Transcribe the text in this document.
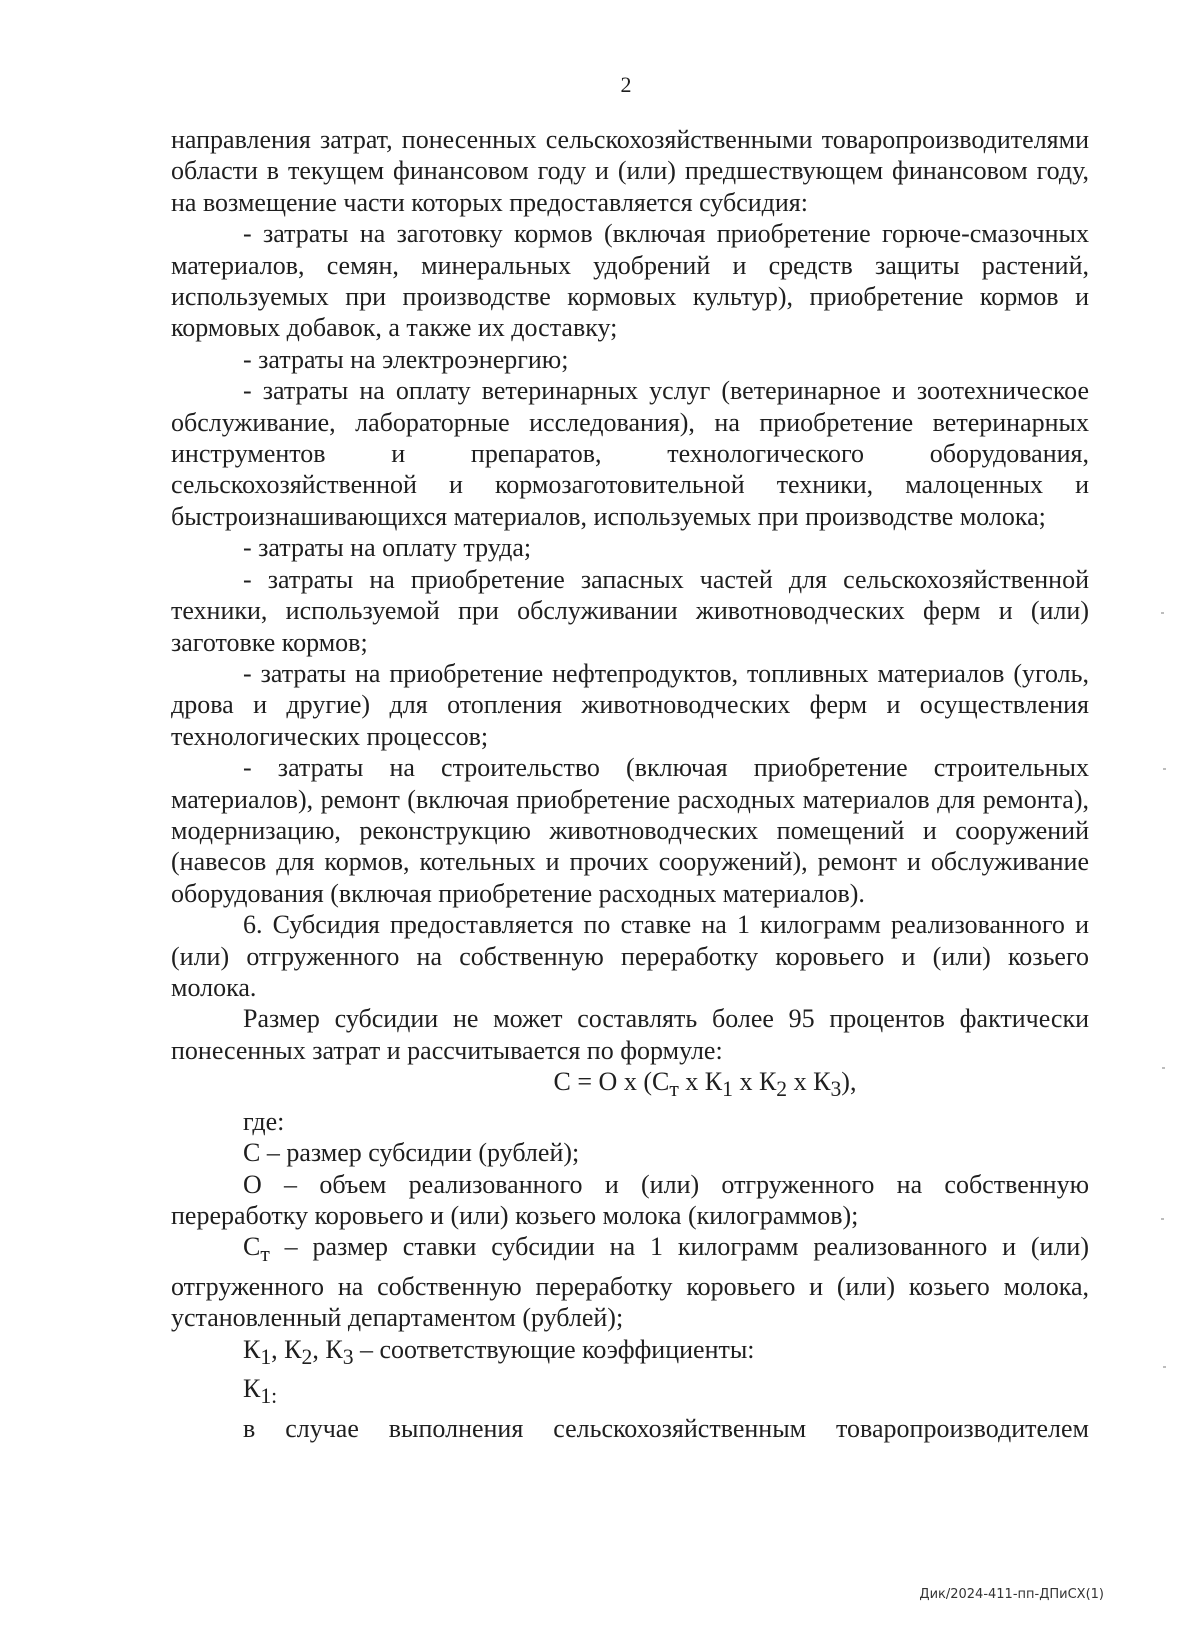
2

направления затрат, понесенных сельскохозяйственными товаропроизводителями области в текущем финансовом году и (или) предшествующем финансовом году, на возмещение части которых предоставляется субсидия:

- затраты на заготовку кормов (включая приобретение горюче-смазочных материалов, семян, минеральных удобрений и средств защиты растений, используемых при производстве кормовых культур), приобретение кормов и кормовых добавок, а также их доставку;

- затраты на электроэнергию;

- затраты на оплату ветеринарных услуг (ветеринарное и зоотехническое обслуживание, лабораторные исследования), на приобретение ветеринарных инструментов и препаратов, технологического оборудования, сельскохозяйственной и кормозаготовительной техники, малоценных и быстроизнашивающихся материалов, используемых при производстве молока;

- затраты на оплату труда;

- затраты на приобретение запасных частей для сельскохозяйственной техники, используемой при обслуживании животноводческих ферм и (или) заготовке кормов;

- затраты на приобретение нефтепродуктов, топливных материалов (уголь, дрова и другие) для отопления животноводческих ферм и осуществления технологических процессов;

- затраты на строительство (включая приобретение строительных материалов), ремонт (включая приобретение расходных материалов для ремонта), модернизацию, реконструкцию животноводческих помещений и сооружений (навесов для кормов, котельных и прочих сооружений), ремонт и обслуживание оборудования (включая приобретение расходных материалов).

6. Субсидия предоставляется по ставке на 1 килограмм реализованного и (или) отгруженного на собственную переработку коровьего и (или) козьего молока.

Размер субсидии не может составлять более 95 процентов фактически понесенных затрат и рассчитывается по формуле:

С = О х ($С_т$ х $К_1$ х $К_2$ х $К_3$),

где:

С – размер субсидии (рублей);

О – объем реализованного и (или) отгруженного на собственную переработку коровьего и (или) козьего молока (килограммов);

$С_т$ – размер ставки субсидии на 1 килограмм реализованного и (или) отгруженного на собственную переработку коровьего и (или) козьего молока, установленный департаментом (рублей);

$К_1$, $К_2$, $К_3$ – соответствующие коэффициенты:

$К_{1:}$

в случае выполнения сельскохозяйственным товаропроизводителем

Дик/2024-411-пп-ДПиСХ(1)
